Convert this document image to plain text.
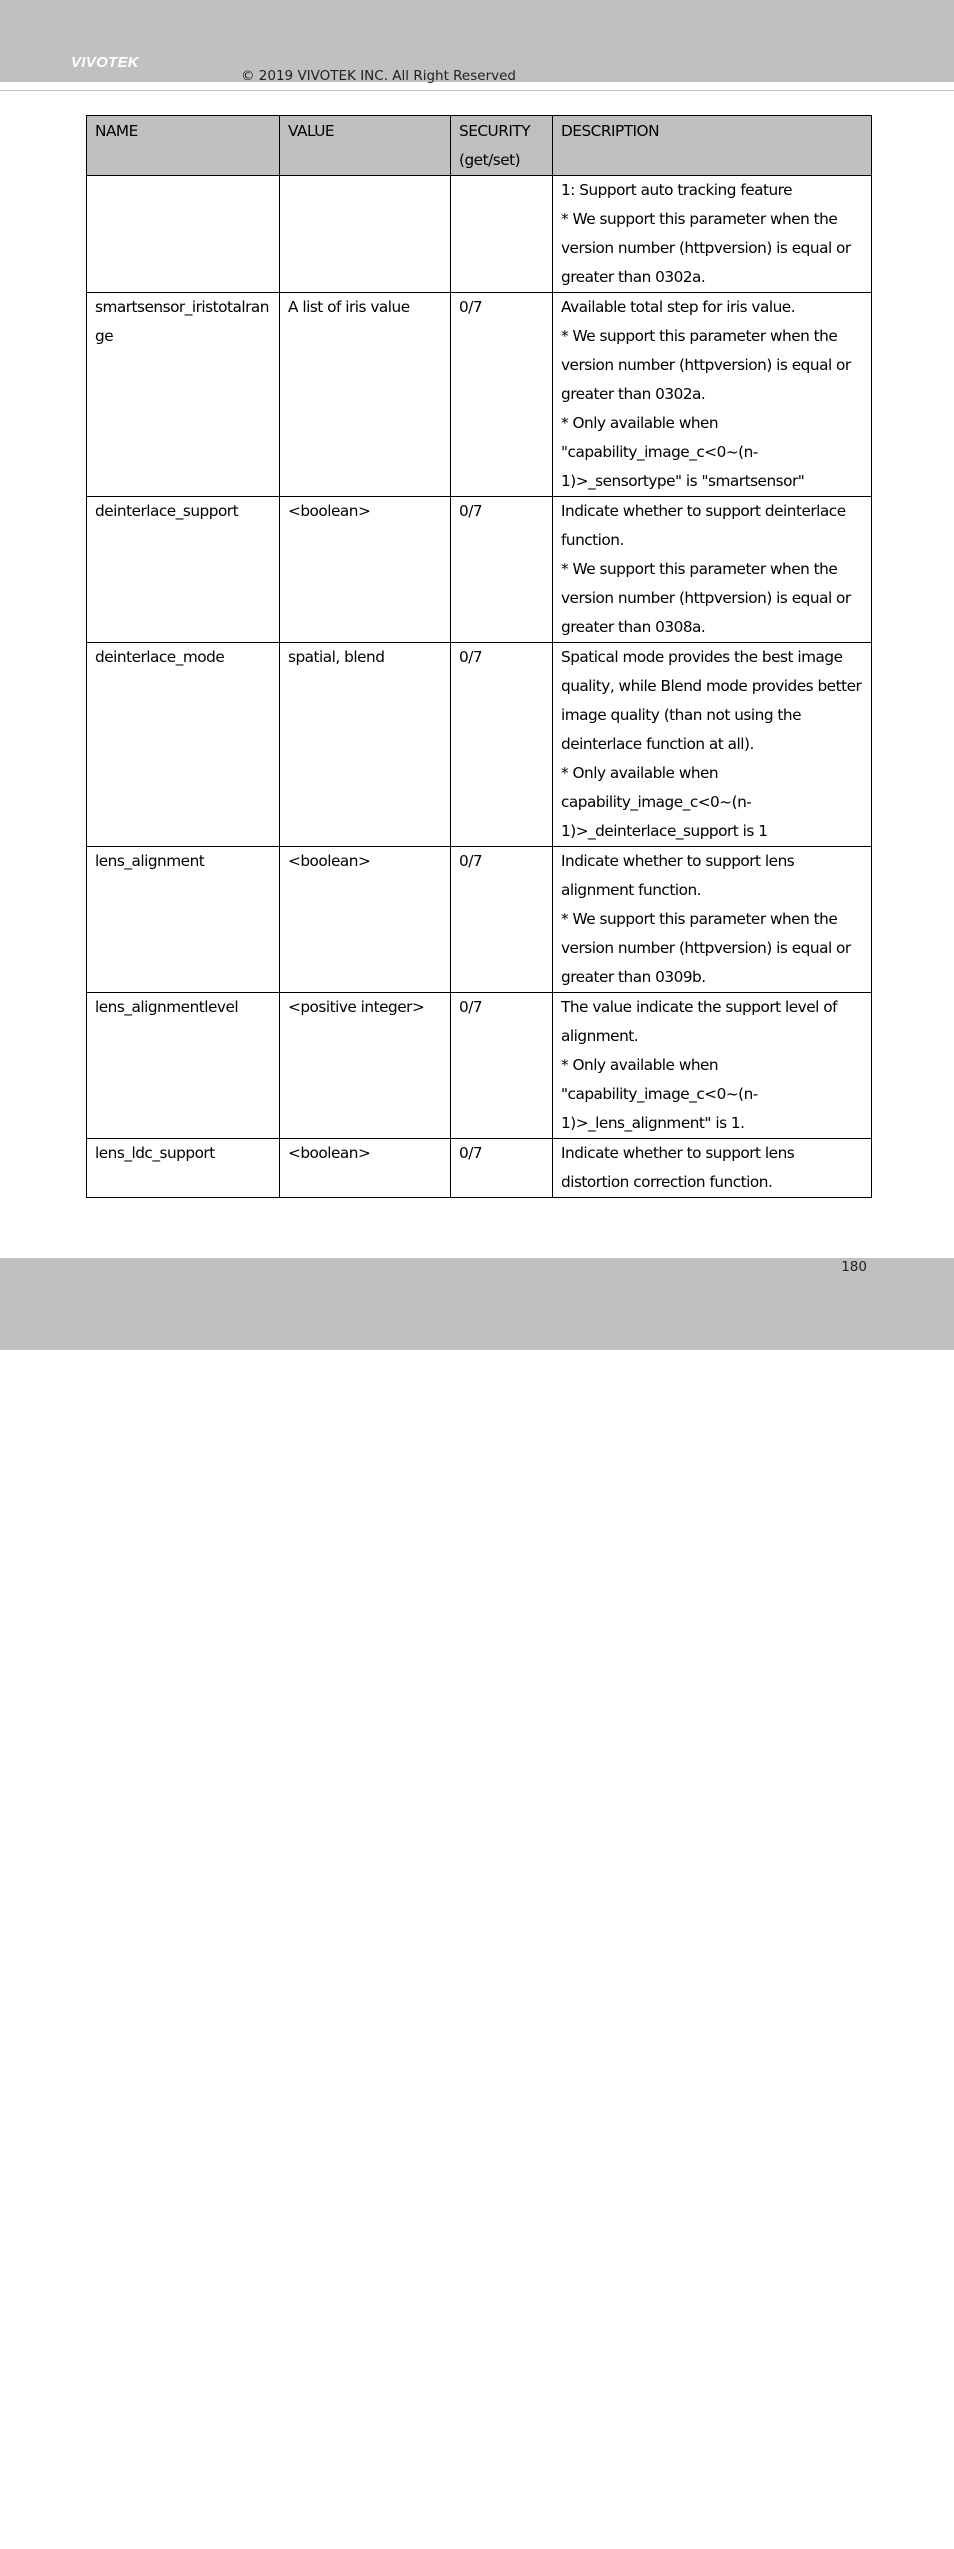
VIVOTEK
© 2019 VIVOTEK INC. All Right Reserved
NAME	VALUE	SECURITY (get/set)	DESCRIPTION

			1: Support auto tracking feature
* We support this parameter when the version number (httpversion) is equal or greater than 0302a.

smartsensor_iristotalrange	A list of iris value	0/7	Available total step for iris value.
* We support this parameter when the version number (httpversion) is equal or greater than 0302a.
* Only available when "capability_image_c<0~(n-1)>_sensortype" is "smartsensor"

deinterlace_support	<boolean>	0/7	Indicate whether to support deinterlace function.
* We support this parameter when the version number (httpversion) is equal or greater than 0308a.

deinterlace_mode	spatial, blend	0/7	Spatical mode provides the best image quality, while Blend mode provides better image quality (than not using the deinterlace function at all).
* Only available when capability_image_c<0~(n-1)>_deinterlace_support is 1

lens_alignment	<boolean>	0/7	Indicate whether to support lens alignment function.
* We support this parameter when the version number (httpversion) is equal or greater than 0309b.

lens_alignmentlevel	<positive integer>	0/7	The value indicate the support level of alignment.
* Only available when "capability_image_c<0~(n-1)>_lens_alignment" is 1.

lens_ldc_support	<boolean>	0/7	Indicate whether to support lens distortion correction function.
312 - User's Manual
180
